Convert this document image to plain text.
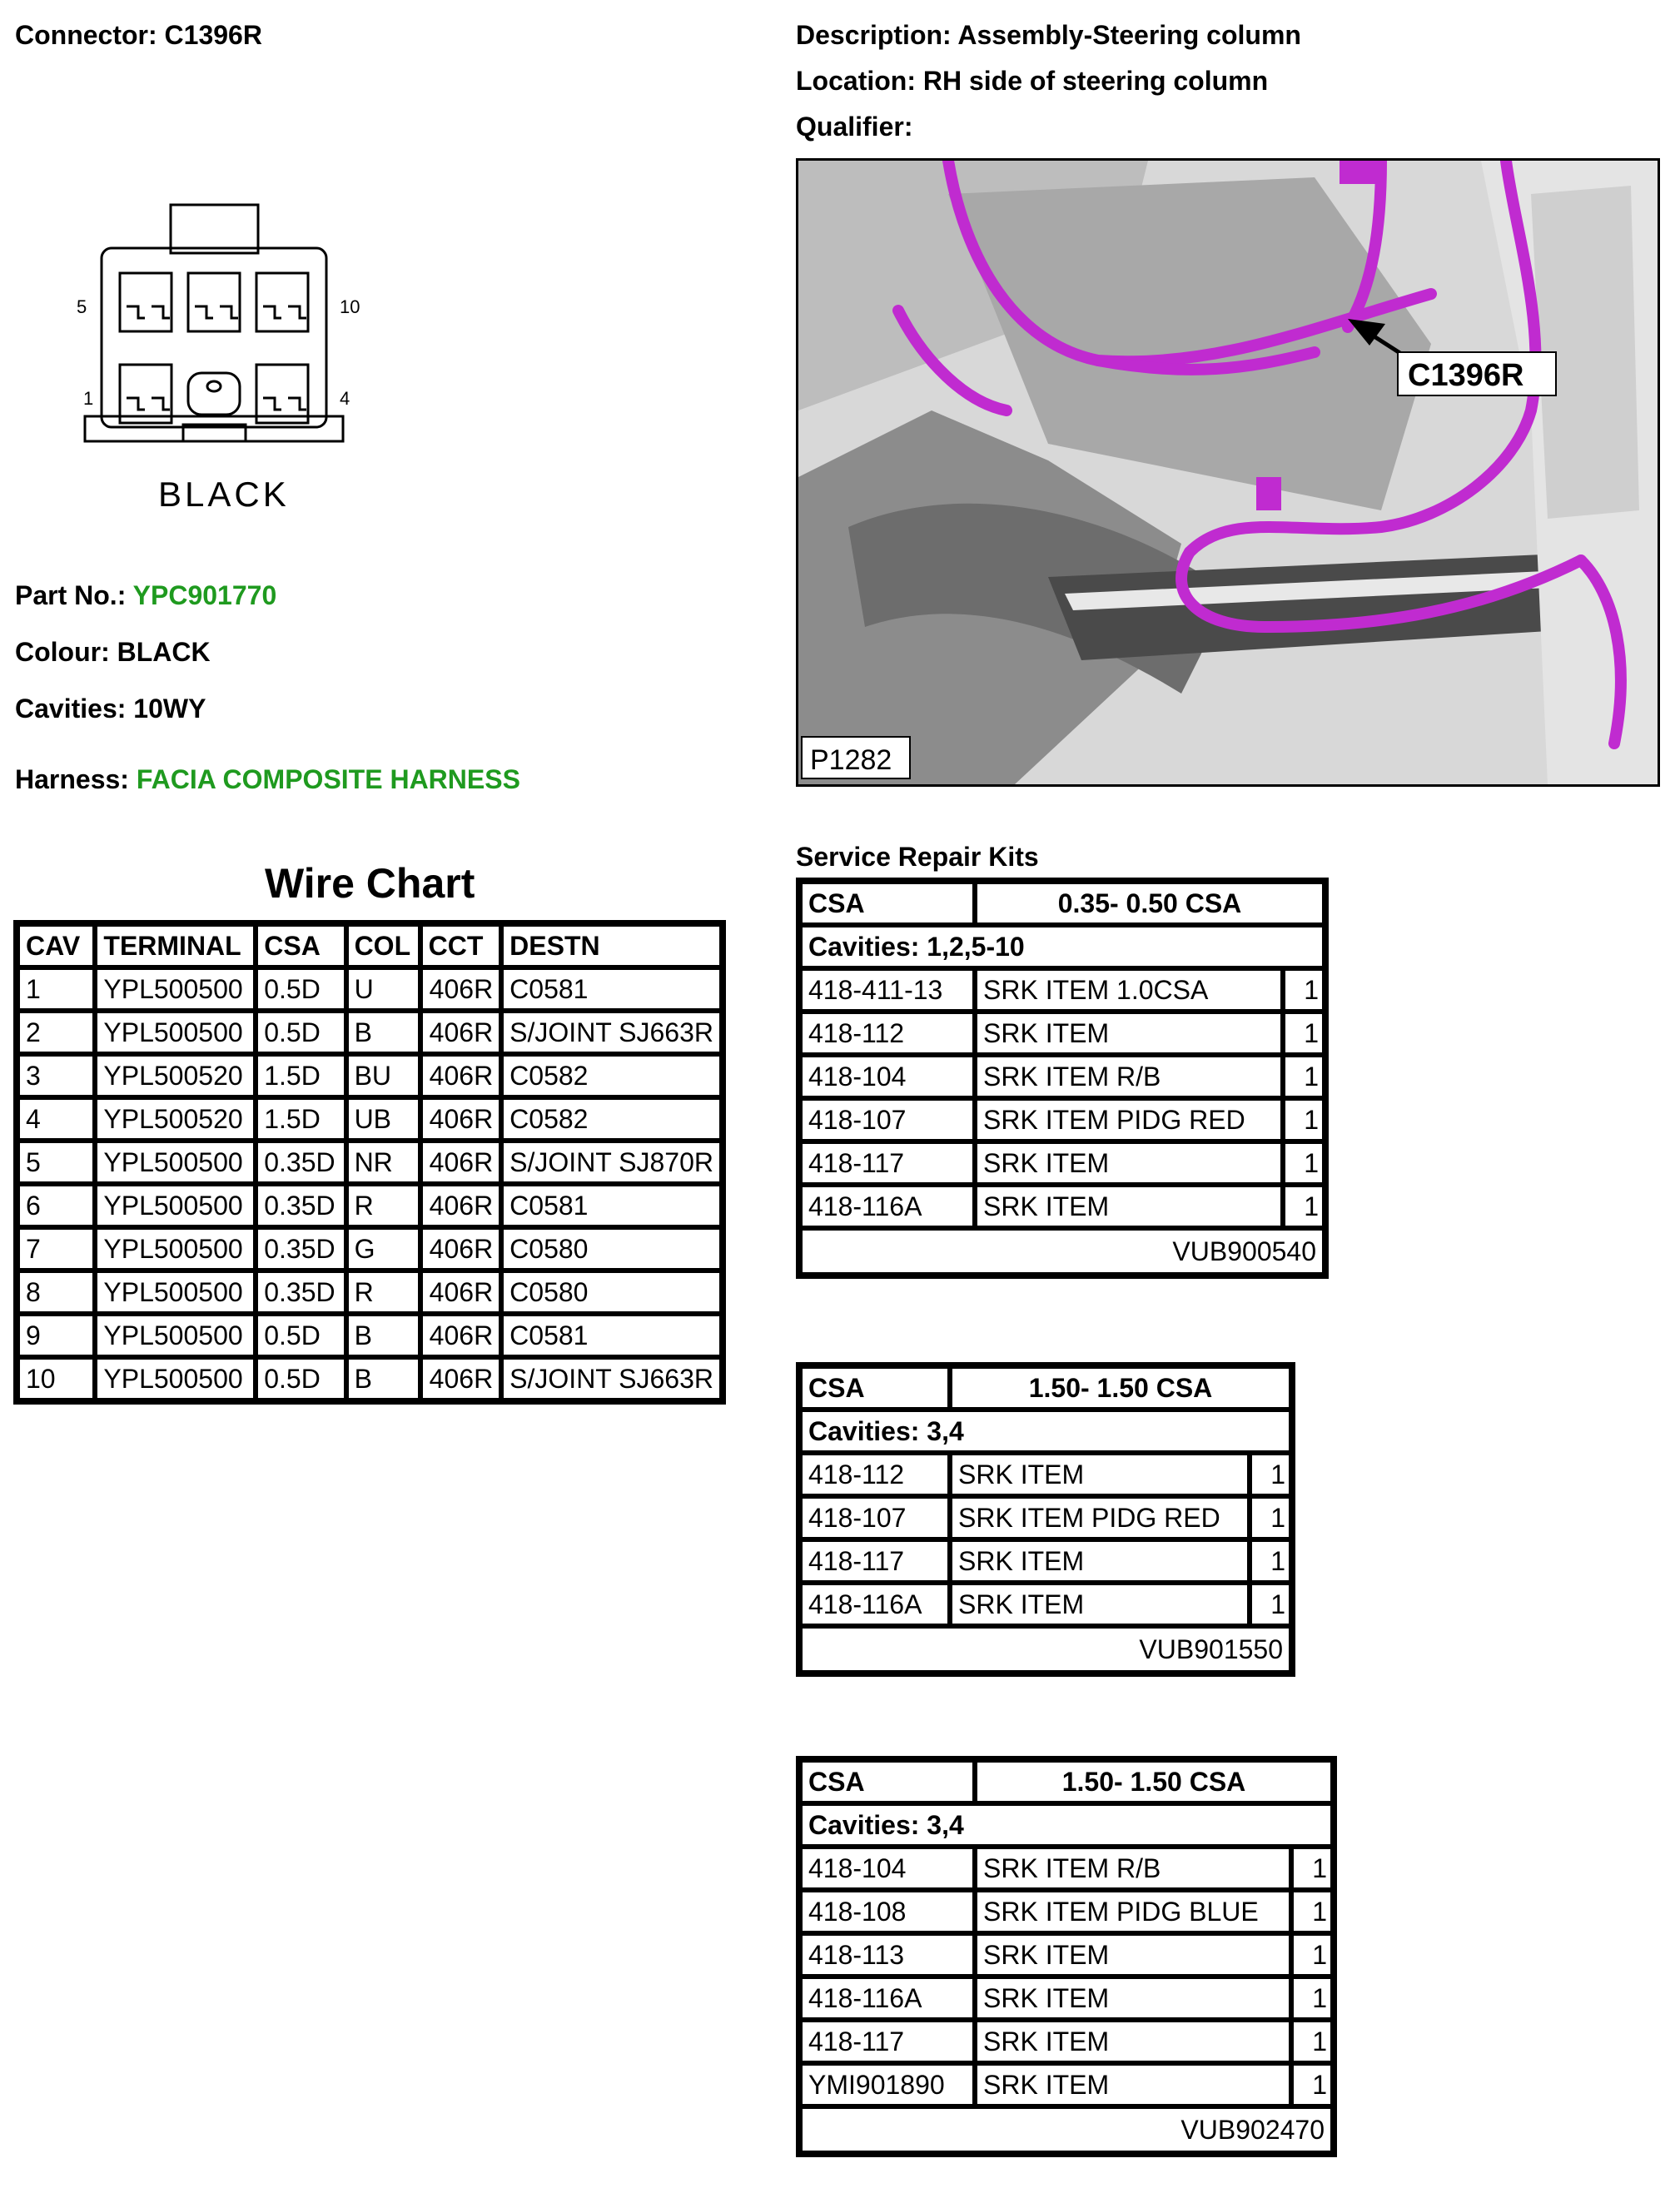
Connector: C1396R	Description: Assembly-Steering column
Location: RH side of steering column
Qualifier:
5	10
1	4
BLACK
C1396R
P1282
Part No.: YPC901770
Colour: BLACK
Cavities: 10WY
Harness: FACIA COMPOSITE HARNESS
Wire Chart
CAV	TERMINAL	CSA	COL	CCT	DESTN
1	YPL500500	0.5D	U	406R	C0581
2	YPL500500	0.5D	B	406R	S/JOINT SJ663R
3	YPL500520	1.5D	BU	406R	C0582
4	YPL500520	1.5D	UB	406R	C0582
5	YPL500500	0.35D	NR	406R	S/JOINT SJ870R
6	YPL500500	0.35D	R	406R	C0581
7	YPL500500	0.35D	G	406R	C0580
8	YPL500500	0.35D	R	406R	C0580
9	YPL500500	0.5D	B	406R	C0581
10	YPL500500	0.5D	B	406R	S/JOINT SJ663R
Service Repair Kits
CSA	0.35- 0.50 CSA	
Cavities: 1,2,5-10		
418-411-13	SRK ITEM 1.0CSA	1
418-112	SRK ITEM	1
418-104	SRK ITEM R/B	1
418-107	SRK ITEM PIDG RED	1
418-117	SRK ITEM	1
418-116A	SRK ITEM	1
VUB900540		
CSA	1.50- 1.50 CSA	
Cavities: 3,4		
418-112	SRK ITEM	1
418-107	SRK ITEM PIDG RED	1
418-117	SRK ITEM	1
418-116A	SRK ITEM	1
VUB901550		
CSA	1.50- 1.50 CSA	
Cavities: 3,4		
418-104	SRK ITEM R/B	1
418-108	SRK ITEM PIDG BLUE	1
418-113	SRK ITEM	1
418-116A	SRK ITEM	1
418-117	SRK ITEM	1
YMI901890	SRK ITEM	1
VUB902470		
